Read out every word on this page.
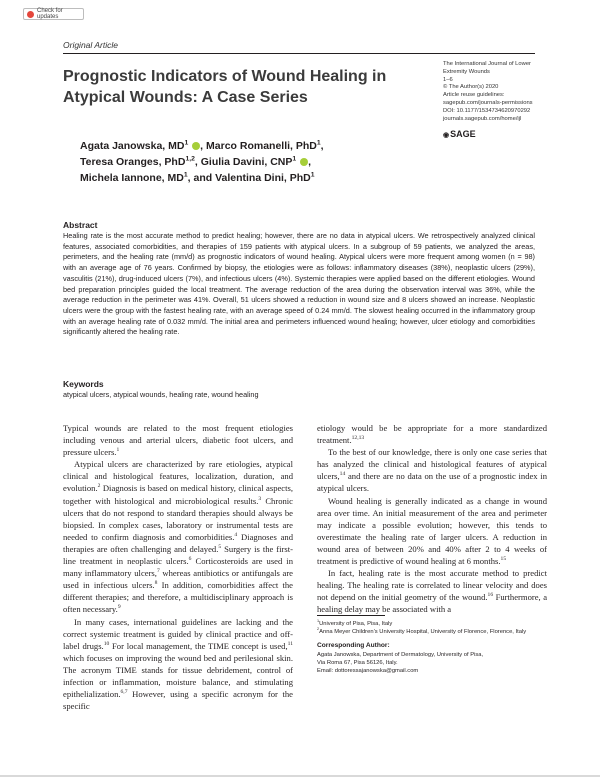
Check for updates
Original Article
Prognostic Indicators of Wound Healing in Atypical Wounds: A Case Series
Agata Janowska, $MD^1$ , Marco Romanelli, PhD$^1$,
Teresa Oranges, PhD$^{1,2}$, Giulia Davini, CNP$^1$ ,
Michela Iannone, $MD^1$, and Valentina Dini, PhD$^1$
The International Journal of Lower
Extremity Wounds
1–6
© The Author(s) 2020
Article reuse guidelines:
sagepub.com/journals-permissions
DOI: 10.1177/1534734620970292
journals.sagepub.com/home/ijl
◉SAGE
Abstract

Healing rate is the most accurate method to predict healing; however, there are no data in atypical ulcers. We retrospectively analyzed clinical features, associated comorbidities, and therapies of 159 patients with atypical ulcers. In a subgroup of 59 patients, we analyzed the areas, perimeters, and the healing rate (mm/d) as prognostic indicators of wound healing. Atypical ulcers were more frequent among women (n = 98) with an average age of 76 years. Confirmed by biopsy, the etiologies were as follows: inflammatory diseases (38%), neoplastic ulcers (29%), vasculitis (21%), drug-induced ulcers (7%), and infectious ulcers (4%). Systemic therapies were applied based on the different etiologies. Wound bed preparation principles guided the local treatment. The average reduction of the area during the observation interval was 36%, while the average reduction in the perimeter was 41%. Overall, 51 ulcers showed a reduction in wound size and 8 ulcers showed an increase. Neoplastic ulcers were the group with the fastest healing rate, with an average speed of 0.24 mm/d. The slowest healing occurred in the inflammatory group with an average healing rate of 0.032 mm/d. The initial area and perimeters influenced wound healing; however, ulcer etiology and comorbidities significantly altered the healing rate.

Keywords
atypical ulcers, atypical wounds, healing rate, wound healing

Typical wounds are related to the most frequent etiologies including venous and arterial ulcers, diabetic foot ulcers, and pressure ulcers.$^1$

Atypical ulcers are characterized by rare etiologies, atypical clinical and histological features, localization, duration, and evolution.$^2$ Diagnosis is based on medical history, clinical aspects, together with histological and microbiological results.$^3$ Chronic ulcers that do not respond to standard therapies should always be biopsied. In complex cases, laboratory or instrumental tests are needed to confirm diagnosis and comorbidities.$^4$ Diagnoses and therapies are often challenging and delayed.$^5$ Surgery is the first-line treatment in neoplastic ulcers.$^6$ Corticosteroids are used in many inflammatory ulcers,$^7$ whereas antibiotics or antifungals are used in infectious ulcers.$^8$ In addition, comorbidities affect the different therapies; and therefore, a multidisciplinary approach is often necessary.$^9$

In many cases, international guidelines are lacking and the correct systemic treatment is guided by clinical practice and off-label drugs.$^{10}$ For local management, the TIME concept is used,$^{11}$ which focuses on improving the wound bed and perilesional skin. The acronym TIME stands for tissue debridement, control of infection or inflammation, moisture balance, and stimulating epithelialization.$^{6,7}$ However, using a specific acronym for the specific

etiology would be be appropriate for a more standardized treatment.$^{12,13}$

To the best of our knowledge, there is only one case series that has analyzed the clinical and histological features of atypical ulcers,$^{14}$ and there are no data on the use of a prognostic index in atypical ulcers.

Wound healing is generally indicated as a change in wound area over time. An initial measurement of the area and perimeter may indicate a possible evolution; however, this tends to overestimate the healing rate of larger ulcers. A reduction in wound area of between 20% and 40% after 2 to 4 weeks of treatment is predictive of wound healing at 6 months.$^{15}$

In fact, healing rate is the most accurate method to predict healing. The healing rate is correlated to linear velocity and does not depend on the initial geometry of the wound.$^{16}$ Furthermore, a healing delay may be associated with a

$^1$University of Pisa, Pisa, Italy
$^2$Anna Meyer Children’s University Hospital, University of Florence, Florence, Italy
Corresponding Author:
Agata Janowska, Department of Dermatology, University of Pisa,
Via Roma 67, Pisa 56126, Italy.
Email: dottoressajanowska@gmail.com
